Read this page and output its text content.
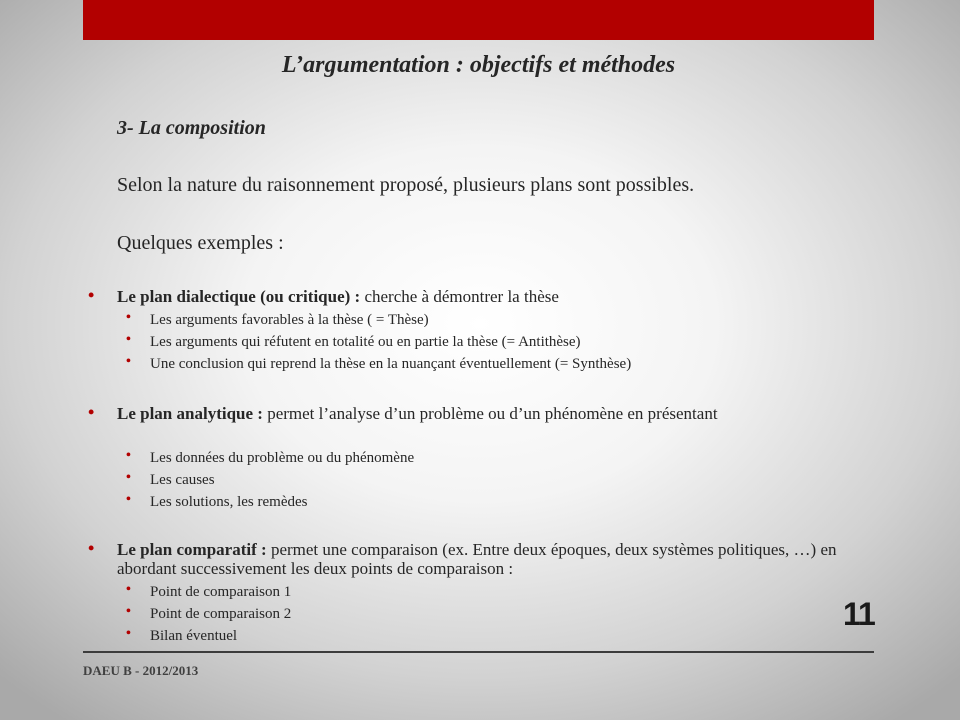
L’argumentation : objectifs et méthodes
3- La composition
Selon la nature du raisonnement proposé, plusieurs plans sont possibles.
Quelques exemples :
• Le plan dialectique (ou critique) : cherche à démontrer la thèse
• Les arguments favorables à la thèse ( = Thèse)
• Les arguments qui réfutent en totalité ou en partie la thèse (= Antithèse)
• Une conclusion qui reprend la thèse en la nuançant éventuellement (= Synthèse)
• Le plan analytique : permet l’analyse d’un problème ou d’un phénomène en présentant
• Les données du problème ou du phénomène
• Les causes
• Les solutions, les remèdes
• Le plan comparatif : permet une comparaison (ex. Entre deux époques, deux systèmes politiques, …) en abordant successivement les deux points de comparaison :
• Point de comparaison 1
• Point de comparaison 2
• Bilan éventuel
11
DAEU B - 2012/2013
